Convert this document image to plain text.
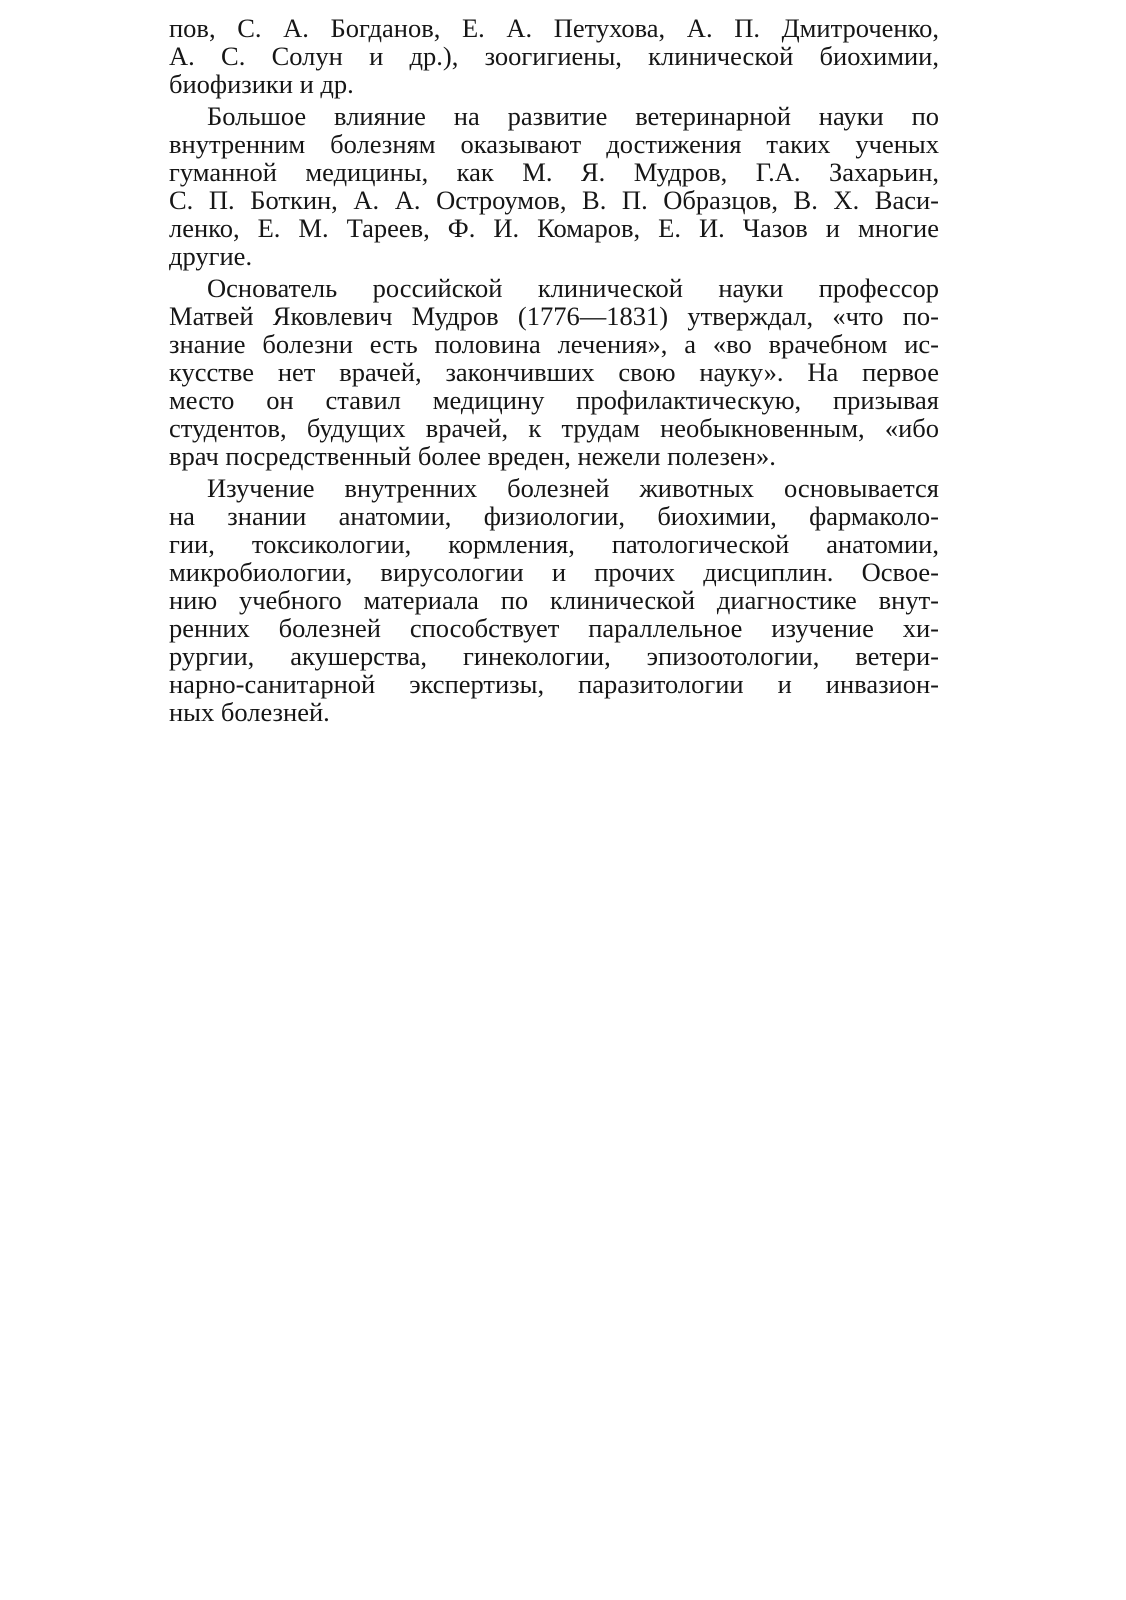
пов, С. А. Богданов, Е. А. Петухова, А. П. Дмитроченко,
А. С. Солун и др.), зоогигиены, клинической биохимии,
биофизики и др.
Большое влияние на развитие ветеринарной науки по
внутренним болезням оказывают достижения таких ученых
гуманной медицины, как М. Я. Мудров, Г.А. Захарьин,
С. П. Боткин, А. А. Остроумов, В. П. Образцов, В. X. Васи-
ленко, Е. М. Тареев, Ф. И. Комаров, Е. И. Чазов и многие
другие.
Основатель российской клинической науки профессор
Матвей Яковлевич Мудров (1776—1831) утверждал, «что по-
знание болезни есть половина лечения», а «во врачебном ис-
кусстве нет врачей, закончивших свою науку». На первое
место он ставил медицину профилактическую, призывая
студентов, будущих врачей, к трудам необыкновенным, «ибо
врач посредственный более вреден, нежели полезен».
Изучение внутренних болезней животных основывается
на знании анатомии, физиологии, биохимии, фармаколо-
гии, токсикологии, кормления, патологической анатомии,
микробиологии, вирусологии и прочих дисциплин. Освое-
нию учебного материала по клинической диагностике внут-
ренних болезней способствует параллельное изучение хи-
рургии, акушерства, гинекологии, эпизоотологии, ветери-
нарно-санитарной экспертизы, паразитологии и инвазион-
ных болезней.
